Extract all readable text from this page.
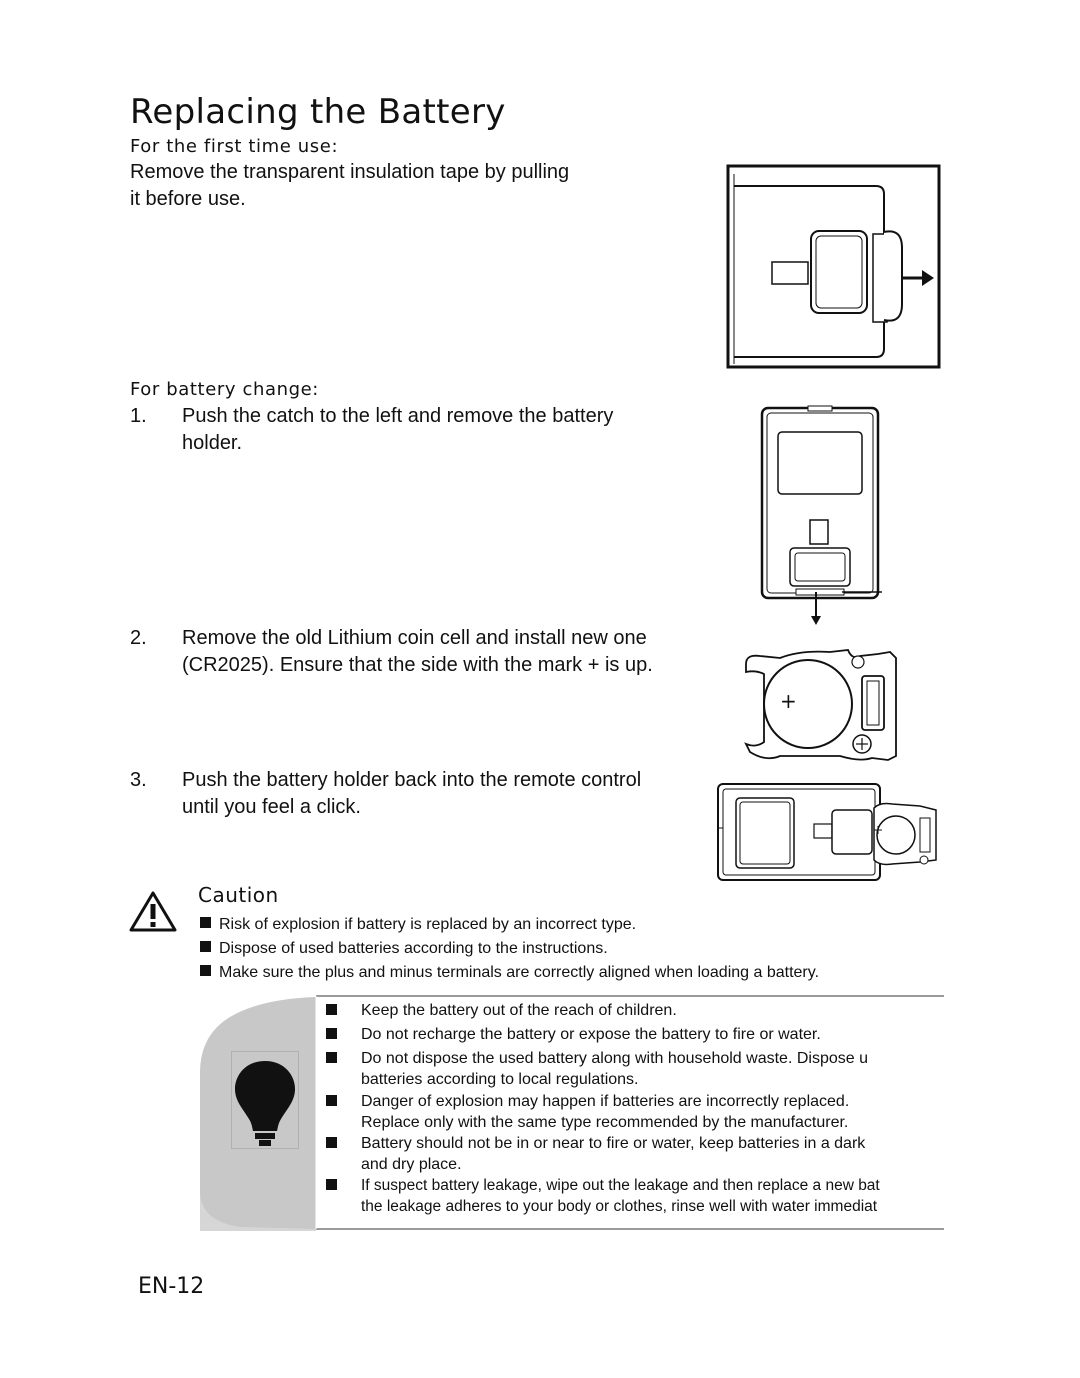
Replacing the Battery
For the first time use:
Remove the transparent insulation tape by pulling
it before use.
For battery change:
1. Push the catch to the left and remove the battery
holder.
2. Remove the old Lithium coin cell and install new one
(CR2025). Ensure that the side with the mark + is up.
+
3. Push the battery holder back into the remote control
until you feel a click.
Caution
Risk of explosion if battery is replaced by an incorrect type.
Dispose of used batteries according to the instructions.
Make sure the plus and minus terminals are correctly aligned when loading a battery.
Keep the battery out of the reach of children.
Do not recharge the battery or expose the battery to fire or water.
Do not dispose the used battery along with household waste. Dispose u
batteries according to local regulations.
Danger of explosion may happen if batteries are incorrectly replaced.
Replace only with the same type recommended by the manufacturer.
Battery should not be in or near to fire or water, keep batteries in a dark
and dry place.
If suspect battery leakage, wipe out the leakage and then replace a new bat
the leakage adheres to your body or clothes, rinse well with water immediat
EN-12
